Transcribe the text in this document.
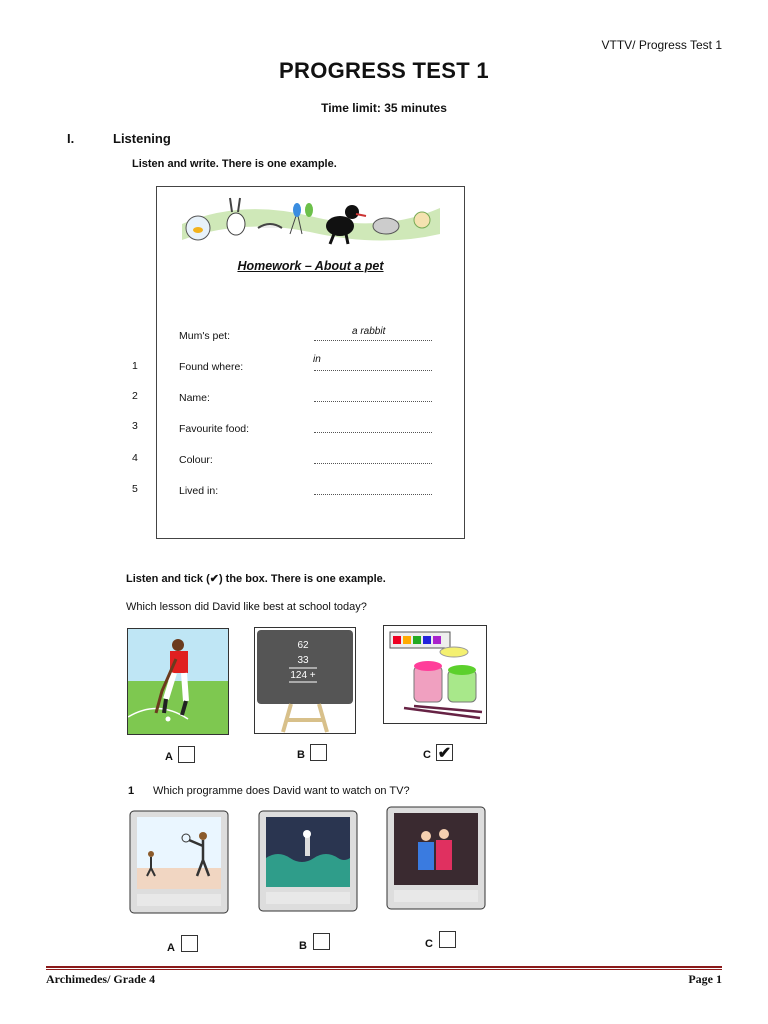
VTTV/ Progress Test 1
PROGRESS TEST 1
Time limit: 35 minutes
I.	Listening
Listen and write. There is one example.
Homework – About a pet
Mum's pet:	a rabbit
1	Found where:
in
2	Name:
3	Favourite food:
4	Colour:
5	Lived in:
Listen and tick (✔) the box. There is one example.
Which lesson did David like best at school today?
62
33
124 +
A	B	C ✔
1 Which programme does David want to watch on TV?
A	B	C
Archimedes/ Grade 4	Page 1
